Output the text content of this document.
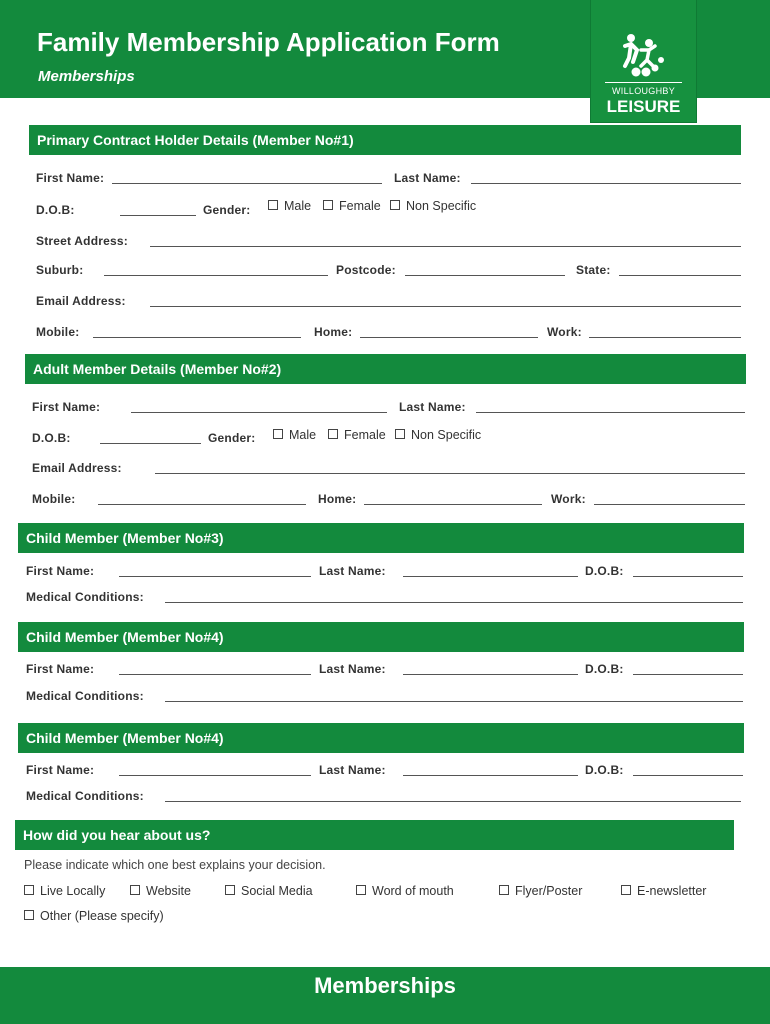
Family Membership Application Form
Memberships
WILLOUGHBY
LEISURE
Primary Contract Holder Details (Member No#1)
First Name:	Last Name:
D.O.B:	Gender:	Male	Female	Non Specific
Street Address:
Suburb:	Postcode:	State:
Email Address:
Mobile:	Home:	Work:
Adult Member Details (Member No#2)
First Name:	Last Name:
D.O.B:	Gender:	Male	Female	Non Specific
Email Address:
Mobile:	Home:	Work:
Child Member (Member No#3)
First Name:	Last Name:	D.O.B:
Medical Conditions:
Child Member (Member No#4)
First Name:	Last Name:	D.O.B:
Medical Conditions:
Child Member (Member No#4)
First Name:	Last Name:	D.O.B:
Medical Conditions:
How did you hear about us?
Please indicate which one best explains your decision.
Live Locally	Website	Social Media	Word of mouth	Flyer/Poster	E-newsletter
Other (Please specify)
Memberships
